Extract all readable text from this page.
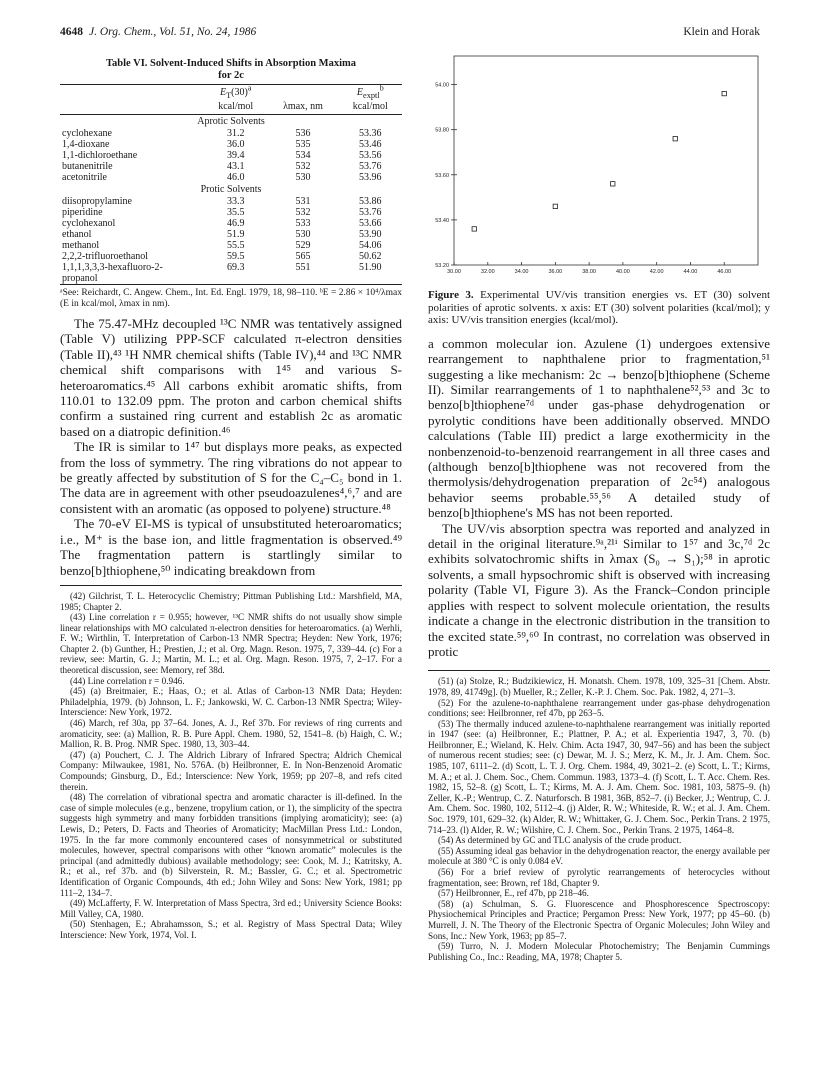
4648 J. Org. Chem., Vol. 51, No. 24, 1986	Klein and Horak
Table VI. Solvent-Induced Shifts in Absorption Maxima
for 2c
	$E_T(30)^a$		$E_{exptl}^b$
	kcal/mol	λmax, nm	kcal/mol
Aprotic Solvents			
cyclohexane	31.2	536	53.36
1,4-dioxane	36.0	535	53.46
1,1-dichloroethane	39.4	534	53.56
butanenitrile	43.1	532	53.76
acetonitrile	46.0	530	53.96
Protic Solvents			
diisopropylamine	33.3	531	53.86
piperidine	35.5	532	53.76
cyclohexanol	46.9	533	53.66
ethanol	51.9	530	53.90
methanol	55.5	529	54.06
2,2,2-trifluoroethanol	59.5	565	50.62
1,1,1,3,3,3-hexafluoro-2-	69.3	551	51.90
propanol			
ᵃSee: Reichardt, C. Angew. Chem., Int. Ed. Engl. 1979, 18, 98–110. ᵇE = 2.86 × 10⁴/λmax (E in kcal/mol, λmax in nm).

The 75.47-MHz decoupled ¹³C NMR was tentatively assigned (Table V) utilizing PPP-SCF calculated π-electron densities (Table II),⁴³ ¹H NMR chemical shifts (Table IV),⁴⁴ and ¹³C NMR chemical shift comparisons with 1⁴⁵ and various S-heteroaromatics.⁴⁵ All carbons exhibit aromatic shifts, from 110.01 to 132.09 ppm. The proton and carbon chemical shifts confirm a sustained ring current and establish 2c as aromatic based on a diatropic definition.⁴⁶

The IR is similar to 1⁴⁷ but displays more peaks, as expected from the loss of symmetry. The ring vibrations do not appear to be greatly affected by substitution of S for the C₄–C₅ bond in 1. The data are in agreement with other pseudoazulenes⁴,⁶,⁷ and are consistent with an aromatic (as opposed to polyene) structure.⁴⁸

The 70-eV EI-MS is typical of unsubstituted heteroaromatics; i.e., M⁺ is the base ion, and little fragmentation is observed.⁴⁹ The fragmentation pattern is startlingly similar to benzo[b]thiophene,⁵⁰ indicating breakdown from

(42) Gilchrist, T. L. Heterocyclic Chemistry; Pittman Publishing Ltd.: Marshfield, MA, 1985; Chapter 2.

(43) Line correlation r = 0.955; however, ¹³C NMR shifts do not usually show simple linear relationships with MO calculated π-electron densities for heteroaromatics. (a) Werhli, F. W.; Wirthlin, T. Interpretation of Carbon-13 NMR Spectra; Heyden: New York, 1976; Chapter 2. (b) Gunther, H.; Prestien, J.; et al. Org. Magn. Reson. 1975, 7, 339–44. (c) For a review, see: Martin, G. J.; Martin, M. L.; et al. Org. Magn. Reson. 1975, 7, 2–17. For a theoretical discussion, see: Memory, ref 38d.

(44) Line correlation r = 0.946.

(45) (a) Breitmaier, E.; Haas, O.; et al. Atlas of Carbon-13 NMR Data; Heyden: Philadelphia, 1979. (b) Johnson, L. F.; Jankowski, W. C. Carbon-13 NMR Spectra; Wiley-Interscience: New York, 1972.

(46) March, ref 30a, pp 37–64. Jones, A. J., Ref 37b. For reviews of ring currents and aromaticity, see: (a) Mallion, R. B. Pure Appl. Chem. 1980, 52, 1541–8. (b) Haigh, C. W.; Mallion, R. B. Prog. NMR Spec. 1980, 13, 303–44.

(47) (a) Pouchert, C. J. The Aldrich Library of Infrared Spectra; Aldrich Chemical Company: Milwaukee, 1981, No. 576A. (b) Heilbronner, E. In Non-Benzenoid Aromatic Compounds; Ginsburg, D., Ed.; Interscience: New York, 1959; pp 207–8, and refs cited therein.

(48) The correlation of vibrational spectra and aromatic character is ill-defined. In the case of simple molecules (e.g., benzene, tropylium cation, or 1), the simplicity of the spectra suggests high symmetry and many forbidden transitions (implying aromaticity); see: (a) Lewis, D.; Peters, D. Facts and Theories of Aromaticity; MacMillan Press Ltd.: London, 1975. In the far more commonly encountered cases of nonsymmetrical or substituted molecules, however, spectral comparisons with other “known aromatic” molecules is the principal (and admittedly dubious) available methodology; see: Cook, M. J.; Katritsky, A. R.; et al., ref 37b. and (b) Silverstein, R. M.; Bassler, G. C.; et al. Spectrometric Identification of Organic Compounds, 4th ed.; John Wiley and Sons: New York, 1981; pp 111–2, 134–7.

(49) McLafferty, F. W. Interpretation of Mass Spectra, 3rd ed.; University Science Books: Mill Valley, CA, 1980.

(50) Stenhagen, E.; Abrahamsson, S.; et al. Registry of Mass Spectral Data; Wiley Interscience: New York, 1974, Vol. I.

53.20
53.40
53.60
53.80
54.00
30.00	32.00	34.00	36.00	38.00	40.00	42.00	44.00	46.00
Figure 3. Experimental UV/vis transition energies vs. ET (30) solvent polarities of aprotic solvents. x axis: ET (30) solvent polarities (kcal/mol); y axis: UV/vis transition energies (kcal/mol).

a common molecular ion. Azulene (1) undergoes extensive rearrangement to naphthalene prior to fragmentation,⁵¹ suggesting a like mechanism: 2c → benzo[b]thiophene (Scheme II). Similar rearrangements of 1 to naphthalene⁵²,⁵³ and 3c to benzo[b]thiophene⁷ᵈ under gas-phase dehydrogenation or pyrolytic conditions have been additionally observed. MNDO calculations (Table III) predict a large exothermicity in the nonbenzenoid-to-benzenoid rearrangement in all three cases and (although benzo[b]thiophene was not recovered from the thermolysis/dehydrogenation preparation of 2c⁵⁴) analogous behavior seems probable.⁵⁵,⁵⁶ A detailed study of benzo[b]thiophene's MS has not been reported.

The UV/vis absorption spectra was reported and analyzed in detail in the original literature.⁹ᵃ,²¹ⁱ Similar to 1⁵⁷ and 3c,⁷ᵈ 2c exhibits solvatochromic shifts in λmax (S₀ → S₁);⁵⁸ in aprotic solvents, a small hypsochromic shift is observed with increasing polarity (Table VI, Figure 3). As the Franck–Condon principle applies with respect to solvent molecule orientation, the results indicate a change in the electronic distribution in the transition to the excited state.⁵⁹,⁶⁰ In contrast, no correlation was observed in protic

(51) (a) Stolze, R.; Budzikiewicz, H. Monatsh. Chem. 1978, 109, 325–31 [Chem. Abstr. 1978, 89, 41749g]. (b) Mueller, R.; Zeller, K.-P. J. Chem. Soc. Pak. 1982, 4, 271–3.

(52) For the azulene-to-naphthalene rearrangement under gas-phase dehydrogenation conditions; see: Heilbronner, ref 47b, pp 263–5.

(53) The thermally induced azulene-to-naphthalene rearrangement was initially reported in 1947 (see: (a) Heilbronner, E.; Plattner, P. A.; et al. Experientia 1947, 3, 70. (b) Heilbronner, E.; Wieland, K. Helv. Chim. Acta 1947, 30, 947–56) and has been the subject of numerous recent studies; see: (c) Dewar, M. J. S.; Merz, K. M., Jr. J. Am. Chem. Soc. 1985, 107, 6111–2. (d) Scott, L. T. J. Org. Chem. 1984, 49, 3021–2. (e) Scott, L. T.; Kirms, M. A.; et al. J. Chem. Soc., Chem. Commun. 1983, 1373–4. (f) Scott, L. T. Acc. Chem. Res. 1982, 15, 52–8. (g) Scott, L. T.; Kirms, M. A. J. Am. Chem. Soc. 1981, 103, 5875–9. (h) Zeller, K.-P.; Wentrup, C. Z. Naturforsch. B 1981, 36B, 852–7. (i) Becker, J.; Wentrup, C. J. Am. Chem. Soc. 1980, 102, 5112–4. (j) Alder, R. W.; Whiteside, R. W.; et al. J. Am. Chem. Soc. 1979, 101, 629–32. (k) Alder, R. W.; Whittaker, G. J. Chem. Soc., Perkin Trans. 2 1975, 714–23. (l) Alder, R. W.; Wilshire, C. J. Chem. Soc., Perkin Trans. 2 1975, 1464–8.

(54) As determined by GC and TLC analysis of the crude product.

(55) Assuming ideal gas behavior in the dehydrogenation reactor, the energy available per molecule at 380 °C is only 0.084 eV.

(56) For a brief review of pyrolytic rearrangements of heterocycles without fragmentation, see: Brown, ref 18d, Chapter 9.

(57) Heilbronner, E., ref 47b, pp 218–46.

(58) (a) Schulman, S. G. Fluorescence and Phosphorescence Spectroscopy: Physiochemical Principles and Practice; Pergamon Press: New York, 1977; pp 45–60. (b) Murrell, J. N. The Theory of the Electronic Spectra of Organic Molecules; John Wiley and Sons, Inc.: New York, 1963; pp 85–7.

(59) Turro, N. J. Modern Molecular Photochemistry; The Benjamin Cummings Publishing Co., Inc.: Reading, MA, 1978; Chapter 5.
